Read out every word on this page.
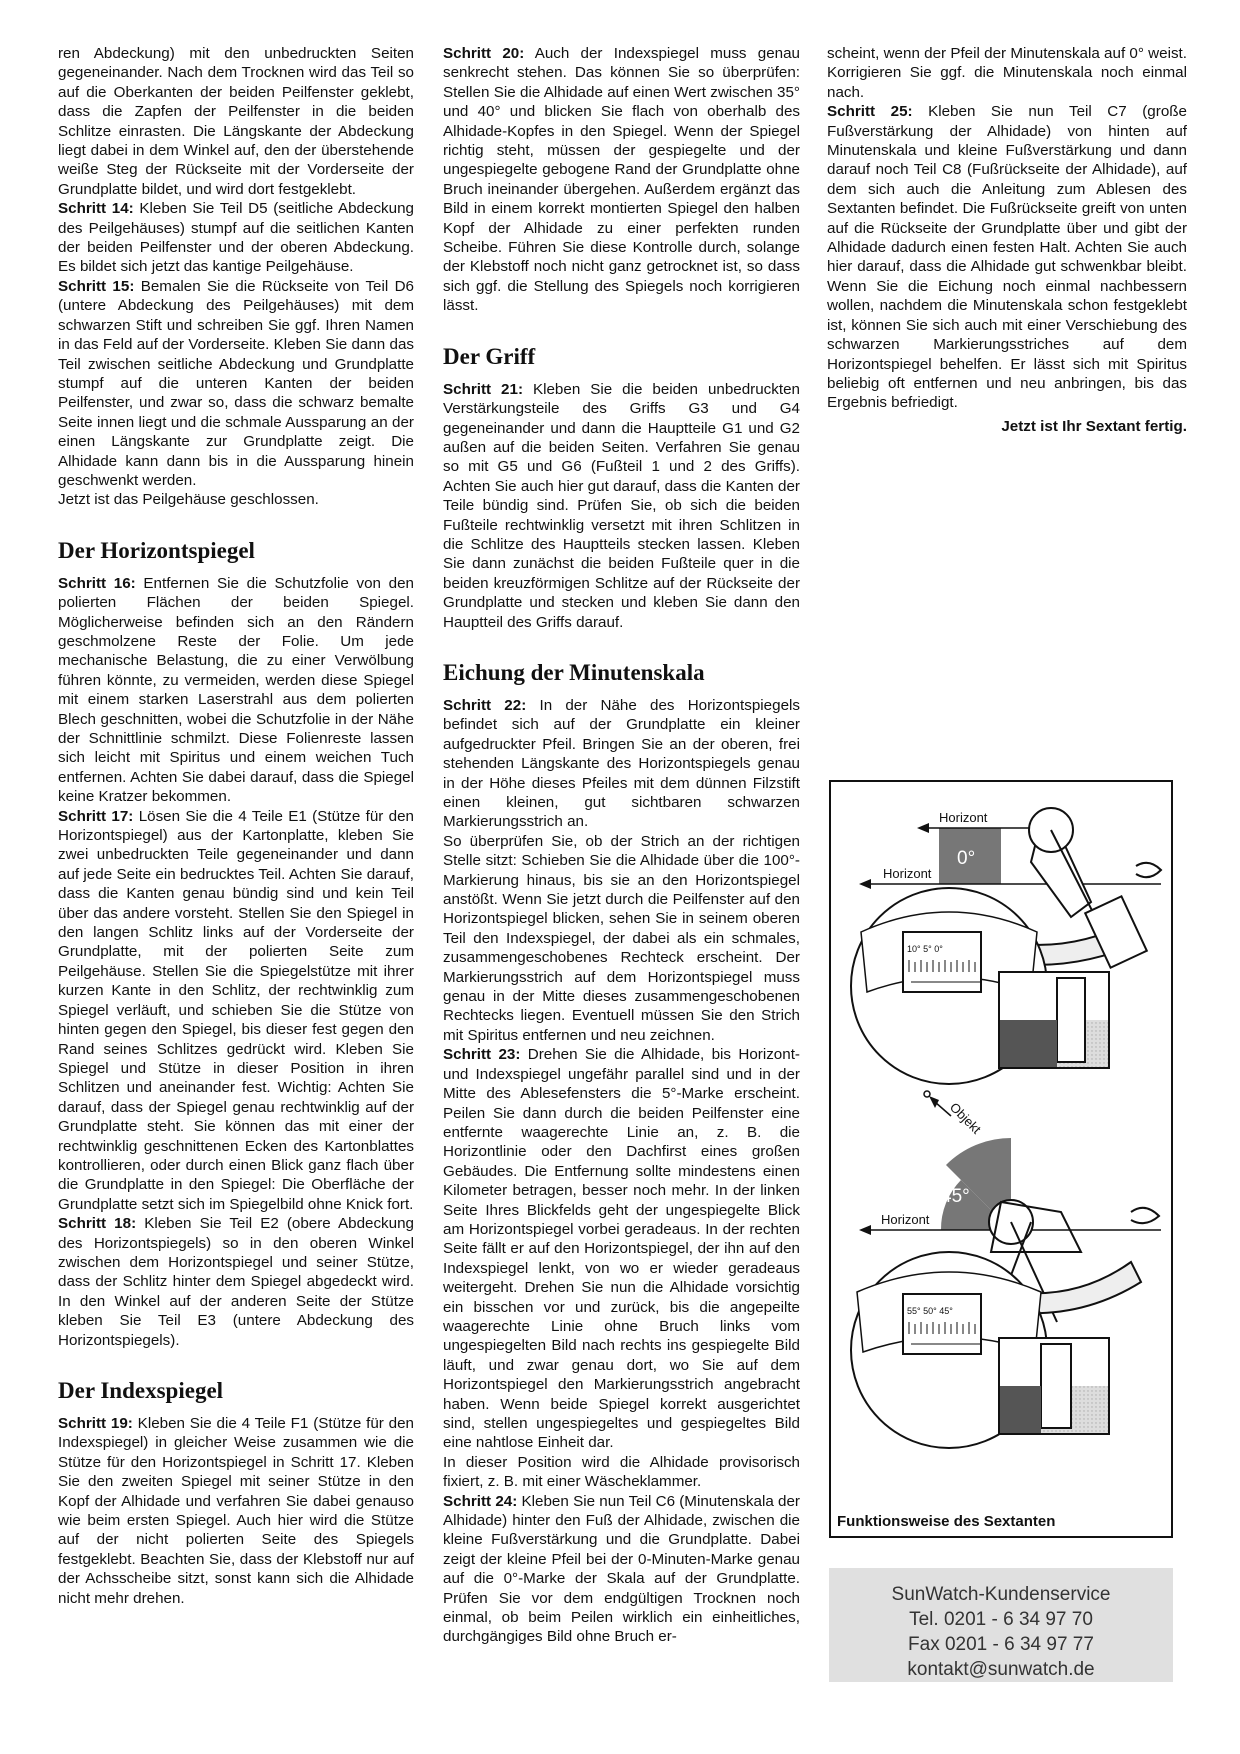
ren Abdeckung) mit den unbedruckten Seiten gegeneinander. Nach dem Trocknen wird das Teil so auf die Oberkanten der beiden Peilfenster geklebt, dass die Zapfen der Peilfenster in die beiden Schlitze einrasten. Die Längskante der Abdeckung liegt dabei in dem Winkel auf, den der überstehende weiße Steg der Rückseite mit der Vorderseite der Grundplatte bildet, und wird dort festgeklebt.

Schritt 14: Kleben Sie Teil D5 (seitliche Abdeckung des Peilgehäuses) stumpf auf die seitlichen Kanten der beiden Peilfenster und der oberen Abdeckung. Es bildet sich jetzt das kantige Peilgehäuse.

Schritt 15: Bemalen Sie die Rückseite von Teil D6 (untere Abdeckung des Peilgehäuses) mit dem schwarzen Stift und schreiben Sie ggf. Ihren Namen in das Feld auf der Vorderseite. Kleben Sie dann das Teil zwischen seitliche Abdeckung und Grundplatte stumpf auf die unteren Kanten der beiden Peilfenster, und zwar so, dass die schwarz bemalte Seite innen liegt und die schmale Aussparung an der einen Längskante zur Grundplatte zeigt. Die Alhidade kann dann bis in die Aussparung hinein geschwenkt werden.

Jetzt ist das Peilgehäuse geschlossen.

Der Horizontspiegel

Schritt 16: Entfernen Sie die Schutzfolie von den polierten Flächen der beiden Spiegel. Möglicherweise befinden sich an den Rändern geschmolzene Reste der Folie. Um jede mechanische Belastung, die zu einer Verwölbung führen könnte, zu vermeiden, werden diese Spiegel mit einem starken Laserstrahl aus dem polierten Blech geschnitten, wobei die Schutzfolie in der Nähe der Schnittlinie schmilzt. Diese Folienreste lassen sich leicht mit Spiritus und einem weichen Tuch entfernen. Achten Sie dabei darauf, dass die Spiegel keine Kratzer bekommen.

Schritt 17: Lösen Sie die 4 Teile E1 (Stütze für den Horizontspiegel) aus der Kartonplatte, kleben Sie zwei unbedruckten Teile gegeneinander und dann auf jede Seite ein bedrucktes Teil. Achten Sie darauf, dass die Kanten genau bündig sind und kein Teil über das andere vorsteht. Stellen Sie den Spiegel in den langen Schlitz links auf der Vorderseite der Grundplatte, mit der polierten Seite zum Peilgehäuse. Stellen Sie die Spiegelstütze mit ihrer kurzen Kante in den Schlitz, der rechtwinklig zum Spiegel verläuft, und schieben Sie die Stütze von hinten gegen den Spiegel, bis dieser fest gegen den Rand seines Schlitzes gedrückt wird. Kleben Sie Spiegel und Stütze in dieser Position in ihren Schlitzen und aneinander fest. Wichtig: Achten Sie darauf, dass der Spiegel genau rechtwinklig auf der Grundplatte steht. Sie können das mit einer der rechtwinklig geschnittenen Ecken des Kartonblattes kontrollieren, oder durch einen Blick ganz flach über die Grundplatte in den Spiegel: Die Oberfläche der Grundplatte setzt sich im Spiegelbild ohne Knick fort.

Schritt 18: Kleben Sie Teil E2 (obere Abdeckung des Horizontspiegels) so in den oberen Winkel zwischen dem Horizontspiegel und seiner Stütze, dass der Schlitz hinter dem Spiegel abgedeckt wird. In den Winkel auf der anderen Seite der Stütze kleben Sie Teil E3 (untere Abdeckung des Horizontspiegels).

Der Indexspiegel

Schritt 19: Kleben Sie die 4 Teile F1 (Stütze für den Indexspiegel) in gleicher Weise zusammen wie die Stütze für den Horizontspiegel in Schritt 17. Kleben Sie den zweiten Spiegel mit seiner Stütze in den Kopf der Alhidade und verfahren Sie dabei genauso wie beim ersten Spiegel. Auch hier wird die Stütze auf der nicht polierten Seite des Spiegels festgeklebt. Beachten Sie, dass der Klebstoff nur auf der Achsscheibe sitzt, sonst kann sich die Alhidade nicht mehr drehen.

Schritt 20: Auch der Indexspiegel muss genau senkrecht stehen. Das können Sie so überprüfen: Stellen Sie die Alhidade auf einen Wert zwischen 35° und 40° und blicken Sie flach von oberhalb des Alhidade-Kopfes in den Spiegel. Wenn der Spiegel richtig steht, müssen der gespiegelte und der ungespiegelte gebogene Rand der Grundplatte ohne Bruch ineinander übergehen. Außerdem ergänzt das Bild in einem korrekt montierten Spiegel den halben Kopf der Alhidade zu einer perfekten runden Scheibe. Führen Sie diese Kontrolle durch, solange der Klebstoff noch nicht ganz getrocknet ist, so dass sich ggf. die Stellung des Spiegels noch korrigieren lässt.

Der Griff

Schritt 21: Kleben Sie die beiden unbedruckten Verstärkungsteile des Griffs G3 und G4 gegeneinander und dann die Hauptteile G1 und G2 außen auf die beiden Seiten. Verfahren Sie genau so mit G5 und G6 (Fußteil 1 und 2 des Griffs). Achten Sie auch hier gut darauf, dass die Kanten der Teile bündig sind. Prüfen Sie, ob sich die beiden Fußteile rechtwinklig versetzt mit ihren Schlitzen in die Schlitze des Hauptteils stecken lassen. Kleben Sie dann zunächst die beiden Fußteile quer in die beiden kreuzförmigen Schlitze auf der Rückseite der Grundplatte und stecken und kleben Sie dann den Hauptteil des Griffs darauf.

Eichung der Minutenskala

Schritt 22: In der Nähe des Horizontspiegels befindet sich auf der Grundplatte ein kleiner aufgedruckter Pfeil. Bringen Sie an der oberen, frei stehenden Längskante des Horizontspiegels genau in der Höhe dieses Pfeiles mit dem dünnen Filzstift einen kleinen, gut sichtbaren schwarzen Markierungsstrich an.

So überprüfen Sie, ob der Strich an der richtigen Stelle sitzt: Schieben Sie die Alhidade über die 100°-Markierung hinaus, bis sie an den Horizontspiegel anstößt. Wenn Sie jetzt durch die Peilfenster auf den Horizontspiegel blicken, sehen Sie in seinem oberen Teil den Indexspiegel, der dabei als ein schmales, zusammengeschobenes Rechteck erscheint. Der Markierungsstrich auf dem Horizontspiegel muss genau in der Mitte dieses zusammengeschobenen Rechtecks liegen. Eventuell müssen Sie den Strich mit Spiritus entfernen und neu zeichnen.

Schritt 23: Drehen Sie die Alhidade, bis Horizont- und Indexspiegel ungefähr parallel sind und in der Mitte des Ablesefensters die 5°-Marke erscheint. Peilen Sie dann durch die beiden Peilfenster eine entfernte waagerechte Linie an, z. B. die Horizontlinie oder den Dachfirst eines großen Gebäudes. Die Entfernung sollte mindestens einen Kilometer betragen, besser noch mehr. In der linken Seite Ihres Blickfelds geht der ungespiegelte Blick am Horizontspiegel vorbei geradeaus. In der rechten Seite fällt er auf den Horizontspiegel, der ihn auf den Indexspiegel lenkt, von wo er wieder geradeaus weitergeht. Drehen Sie nun die Alhidade vorsichtig ein bisschen vor und zurück, bis die angepeilte waagerechte Linie ohne Bruch links vom ungespiegelten Bild nach rechts ins gespiegelte Bild läuft, und zwar genau dort, wo Sie auf dem Horizontspiegel den Markierungsstrich angebracht haben. Wenn beide Spiegel korrekt ausgerichtet sind, stellen ungespiegeltes und gespiegeltes Bild eine nahtlose Einheit dar.

In dieser Position wird die Alhidade provisorisch fixiert, z. B. mit einer Wäscheklammer.

Schritt 24: Kleben Sie nun Teil C6 (Minutenskala der Alhidade) hinter den Fuß der Alhidade, zwischen die kleine Fußverstärkung und die Grundplatte. Dabei zeigt der kleine Pfeil bei der 0-Minuten-Marke genau auf die 0°-Marke der Skala auf der Grundplatte. Prüfen Sie vor dem endgültigen Trocknen noch einmal, ob beim Peilen wirklich ein einheitliches, durchgängiges Bild ohne Bruch er-

scheint, wenn der Pfeil der Minutenskala auf 0° weist. Korrigieren Sie ggf. die Minutenskala noch einmal nach.

Schritt 25: Kleben Sie nun Teil C7 (große Fußverstärkung der Alhidade) von hinten auf Minutenskala und kleine Fußverstärkung und dann darauf noch Teil C8 (Fußrückseite der Alhidade), auf dem sich auch die Anleitung zum Ablesen des Sextanten befindet. Die Fußrückseite greift von unten auf die Rückseite der Grundplatte über und gibt der Alhidade dadurch einen festen Halt. Achten Sie auch hier darauf, dass die Alhidade gut schwenkbar bleibt. Wenn Sie die Eichung noch einmal nachbessern wollen, nachdem die Minutenskala schon festgeklebt ist, können Sie sich auch mit einer Verschiebung des schwarzen Markierungsstriches auf dem Horizontspiegel behelfen. Er lässt sich mit Spiritus beliebig oft entfernen und neu anbringen, bis das Ergebnis befriedigt.

Jetzt ist Ihr Sextant fertig.

Horizont
Horizont
0°
10° 5° 0°
Objekt
45°
Horizont
55° 50° 45°
Funktionsweise des Sextanten
SunWatch-Kundenservice
Tel. 0201 - 6 34 97 70
Fax 0201 - 6 34 97 77
kontakt@sunwatch.de
